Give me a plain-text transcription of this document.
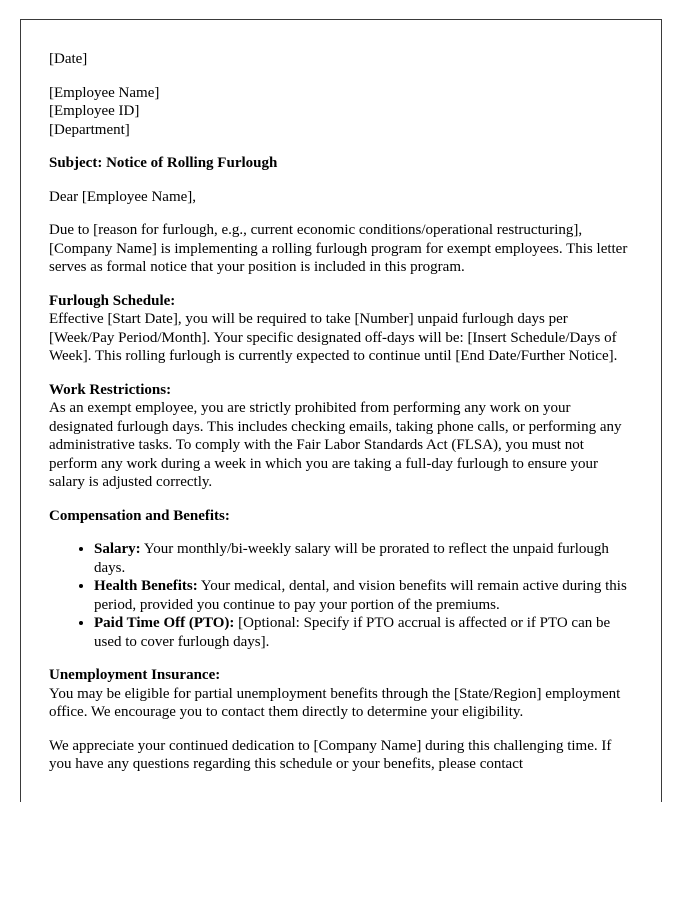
[Date]

[Employee Name]
[Employee ID]
[Department]

Subject: Notice of Rolling Furlough

Dear [Employee Name],

Due to [reason for furlough, e.g., current economic conditions/operational restructuring], [Company Name] is implementing a rolling furlough program for exempt employees. This letter serves as formal notice that your position is included in this program.

Furlough Schedule:
Effective [Start Date], you will be required to take [Number] unpaid furlough days per [Week/Pay Period/Month]. Your specific designated off-days will be: [Insert Schedule/Days of Week]. This rolling furlough is currently expected to continue until [End Date/Further Notice].

Work Restrictions:
As an exempt employee, you are strictly prohibited from performing any work on your designated furlough days. This includes checking emails, taking phone calls, or performing any administrative tasks. To comply with the Fair Labor Standards Act (FLSA), you must not perform any work during a week in which you are taking a full-day furlough to ensure your salary is adjusted correctly.

Compensation and Benefits:

• Salary: Your monthly/bi-weekly salary will be prorated to reflect the unpaid furlough days.
• Health Benefits: Your medical, dental, and vision benefits will remain active during this period, provided you continue to pay your portion of the premiums.
• Paid Time Off (PTO): [Optional: Specify if PTO accrual is affected or if PTO can be used to cover furlough days].

Unemployment Insurance:
You may be eligible for partial unemployment benefits through the [State/Region] employment office. We encourage you to contact them directly to determine your eligibility.

We appreciate your continued dedication to [Company Name] during this challenging time. If you have any questions regarding this schedule or your benefits, please contact
